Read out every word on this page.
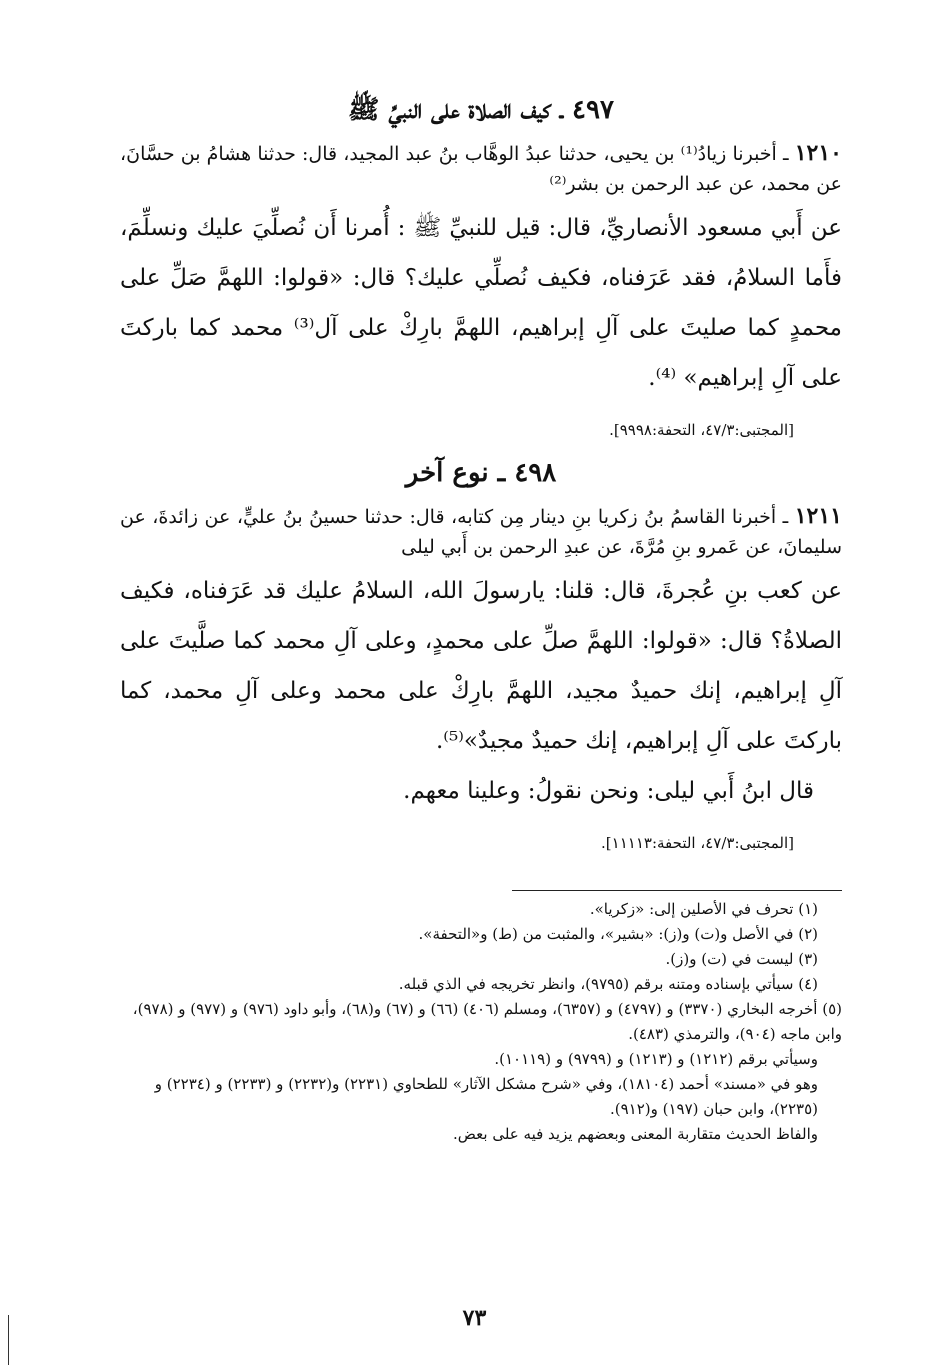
٤٩٧ ـ كيف الصلاة على النبيِّ ﷺ

١٢١٠ ـ أخبرنا زيادُ⁽¹⁾ بن يحيى، حدثنا عبدُ الوهَّاب بنُ عبد المجيد، قال: حدثنا هشامُ بن حسَّانَ، عن محمد، عن عبد الرحمن بن بشر⁽²⁾

عن أَبي مسعود الأنصاريِّ، قال: قيل للنبيِّ ﷺ : أُمرنا أَن نُصلِّيَ عليك ونسلِّمَ، فأَما السلامُ، فقد عَرَفناه، فكيف نُصلِّي عليك؟ قال: «قولوا: اللهمَّ صَلِّ على محمدٍ كما صليتَ على آلِ إبراهيم، اللهمَّ بارِكْ على آل⁽³⁾ محمد كما باركتَ على آلِ إبراهيم» ⁽⁴⁾.

[المجتبى:٤٧/٣، التحفة:٩٩٩٨].

٤٩٨ ـ نوع آخر

١٢١١ ـ أخبرنا القاسمُ بنُ زكريا بنِ دينار مِن كتابه، قال: حدثنا حسينُ بنُ عليٍّ، عن زائدةَ، عن سليمانَ، عن عَمرو بنِ مُرَّةَ، عن عبدِ الرحمن بن أَبي ليلى

عن كعب بنِ عُجرةَ، قال: قلنا: يارسولَ الله، السلامُ عليك قد عَرَفناه، فكيف الصلاةُ؟ قال: «قولوا: اللهمَّ صلِّ على محمدٍ، وعلى آلِ محمد كما صلَّيتَ على آلِ إبراهيم، إنك حميدٌ مجيد، اللهمَّ بارِكْ على محمد وعلى آلِ محمد، كما باركتَ على آلِ إبراهيم، إنك حميدٌ مجيدٌ»⁽⁵⁾.

قال ابنُ أَبي ليلى: ونحن نقولُ: وعلينا معهم.

[المجتبى:٤٧/٣، التحفة:١١١١٣].

(١) تحرف في الأصلين إلى: «زكريا».

(٢) في الأصل و(ت) و(ز): «بشير»، والمثبت من (ط) و«التحفة».

(٣) ليست في (ت) و(ز).

(٤) سيأتي بإسناده ومتنه برقم (٩٧٩٥)، وانظر تخريجه في الذي قبله.

(٥) أخرجه البخاري (٣٣٧٠) و (٤٧٩٧) و (٦٣٥٧)، ومسلم (٤٠٦) (٦٦) و (٦٧) و(٦٨)، وأبو داود (٩٧٦) و (٩٧٧) و (٩٧٨)، وابن ماجه (٩٠٤)، والترمذي (٤٨٣).

وسيأتي برقم (١٢١٢) و (١٢١٣) و (٩٧٩٩) و (١٠١١٩).

وهو في «مسند» أحمد (١٨١٠٤)، وفي «شرح مشكل الآثار» للطحاوي (٢٢٣١) و(٢٢٣٢) و (٢٢٣٣) و (٢٢٣٤) و (٢٢٣٥)، وابن حبان (١٩٧) و(٩١٢).

والفاظ الحديث متقاربة المعنى وبعضهم يزيد فيه على بعض.

٧٣
